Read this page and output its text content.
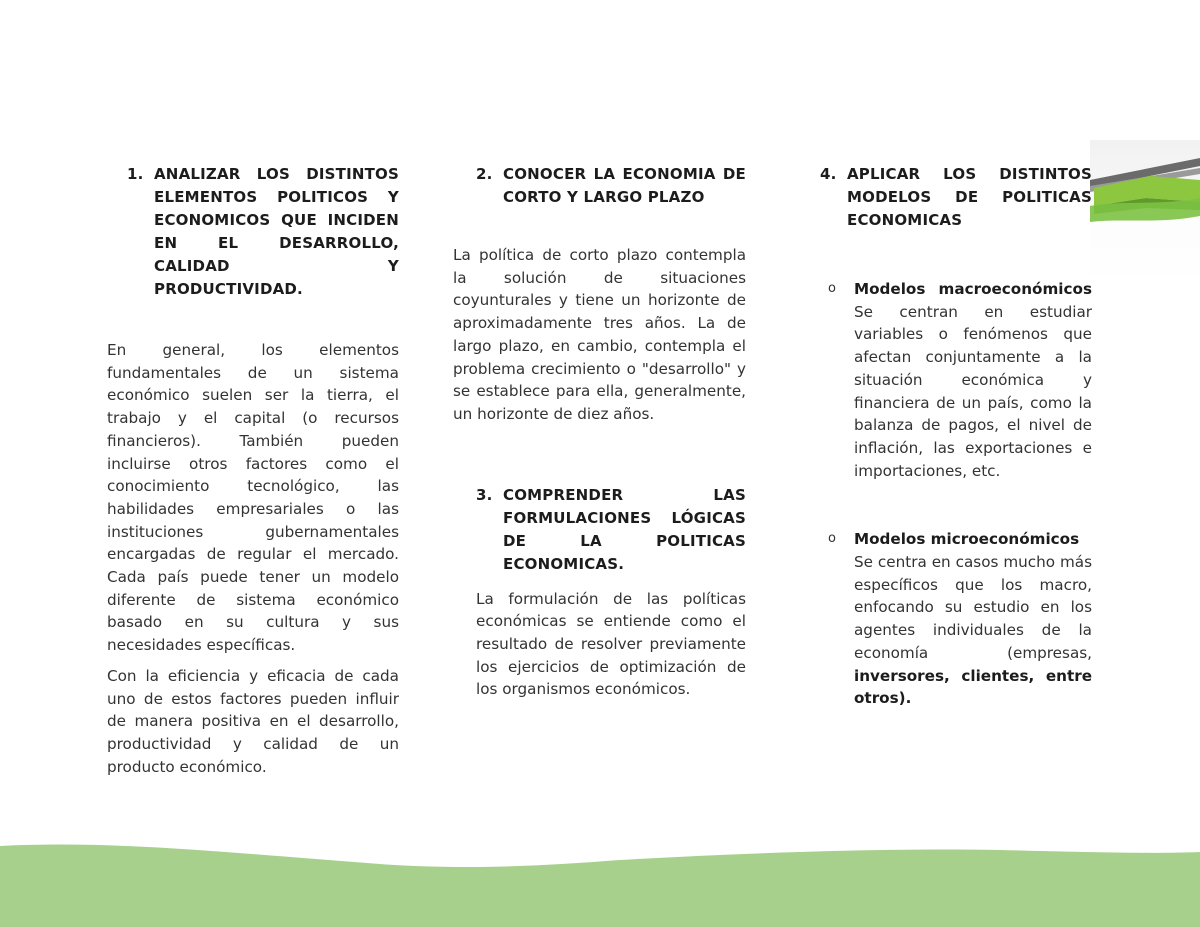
1. ANALIZAR LOS DISTINTOS ELEMENTOS POLITICOS Y ECONOMICOS QUE INCIDEN EN EL DESARROLLO, CALIDAD Y PRODUCTIVIDAD.

En general, los elementos fundamentales de un sistema económico suelen ser la tierra, el trabajo y el capital (o recursos financieros). También pueden incluirse otros factores como el conocimiento tecnológico, las habilidades empresariales o las instituciones gubernamentales encargadas de regular el mercado. Cada país puede tener un modelo diferente de sistema económico basado en su cultura y sus necesidades específicas.

Con la eficiencia y eficacia de cada uno de estos factores pueden influir de manera positiva en el desarrollo, productividad y calidad de un producto económico.

2. CONOCER LA ECONOMIA DE CORTO Y LARGO PLAZO

La política de corto plazo contempla la solución de situaciones coyunturales y tiene un horizonte de aproximadamente tres años. La de largo plazo, en cambio, contempla el problema crecimiento o "desarrollo" y se establece para ella, generalmente, un horizonte de diez años.

3. COMPRENDER LAS FORMULACIONES LÓGICAS DE LA POLITICAS ECONOMICAS.

La formulación de las políticas económicas se entiende como el resultado de resolver previamente los ejercicios de optimización de los organismos económicos.

4. APLICAR LOS DISTINTOS MODELOS DE POLITICAS ECONOMICAS
o	Modelos macroeconómicos Se centran en estudiar variables o fenómenos que afectan conjuntamente a la situación económica y financiera de un país, como la balanza de pagos, el nivel de inflación, las exportaciones e importaciones, etc.
o	Modelos microeconómicos
Se centra en casos mucho más específicos que los macro, enfocando su estudio en los agentes individuales de la economía (empresas, inversores, clientes, entre otros).
